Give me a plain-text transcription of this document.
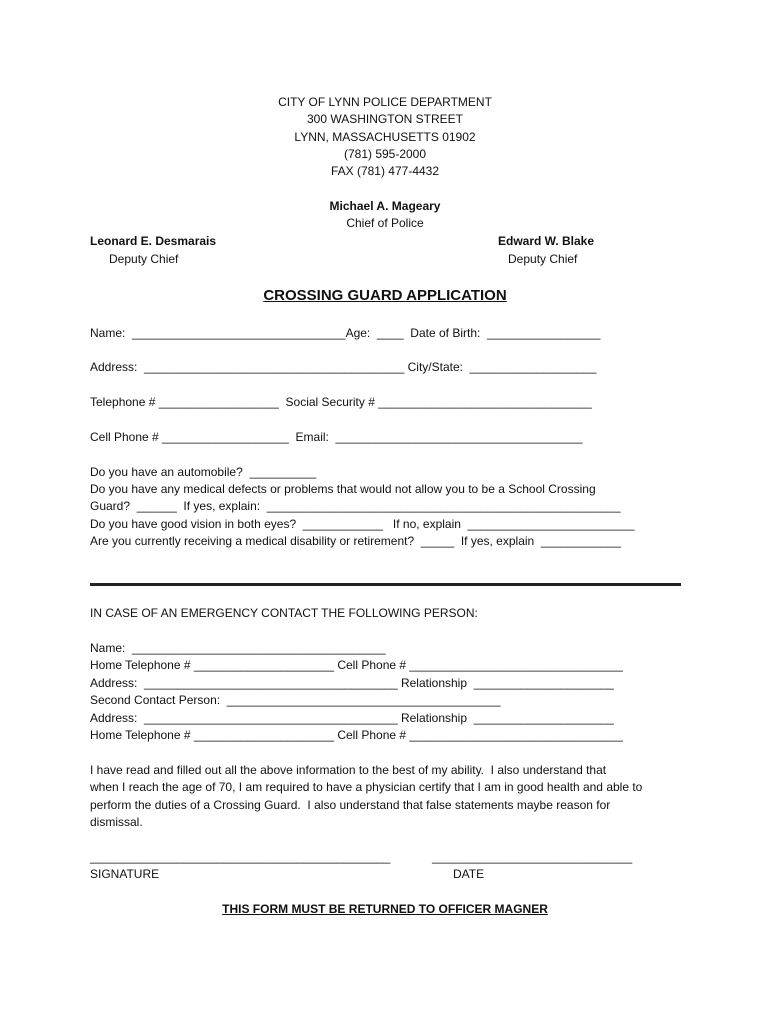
CITY OF LYNN POLICE DEPARTMENT
300 WASHINGTON STREET
LYNN, MASSACHUSETTS 01902
(781) 595-2000
FAX (781) 477-4432
Michael A. Mageary
Chief of Police
Leonard E. Desmarais
Deputy Chief
Edward W. Blake
Deputy Chief
CROSSING GUARD APPLICATION
Name:  ________________________________Age:  ____  Date of Birth:  _________________
Address:  _______________________________________ City/State:  ___________________
Telephone # __________________  Social Security # ________________________________
Cell Phone # ___________________  Email:  _____________________________________
Do you have an automobile?  __________
Do you have any medical defects or problems that would not allow you to be a School Crossing
Guard?  ______  If yes, explain:  _____________________________________________________
Do you have good vision in both eyes?  ____________   If no, explain  _________________________
Are you currently receiving a medical disability or retirement?  _____  If yes, explain  ____________
IN CASE OF AN EMERGENCY CONTACT THE FOLLOWING PERSON:
Name:  ______________________________________
Home Telephone # _____________________ Cell Phone # ________________________________
Address:  ______________________________________ Relationship  _____________________
Second Contact Person:  _________________________________________
Address:  ______________________________________ Relationship  _____________________
Home Telephone # _____________________ Cell Phone # ________________________________
I have read and filled out all the above information to the best of my ability.  I also understand that
when I reach the age of 70, I am required to have a physician certify that I am in good health and able to
perform the duties of a Crossing Guard.  I also understand that false statements maybe reason for
dismissal.
_____________________________________________	______________________________
SIGNATURE	DATE
THIS FORM MUST BE RETURNED TO OFFICER MAGNER
